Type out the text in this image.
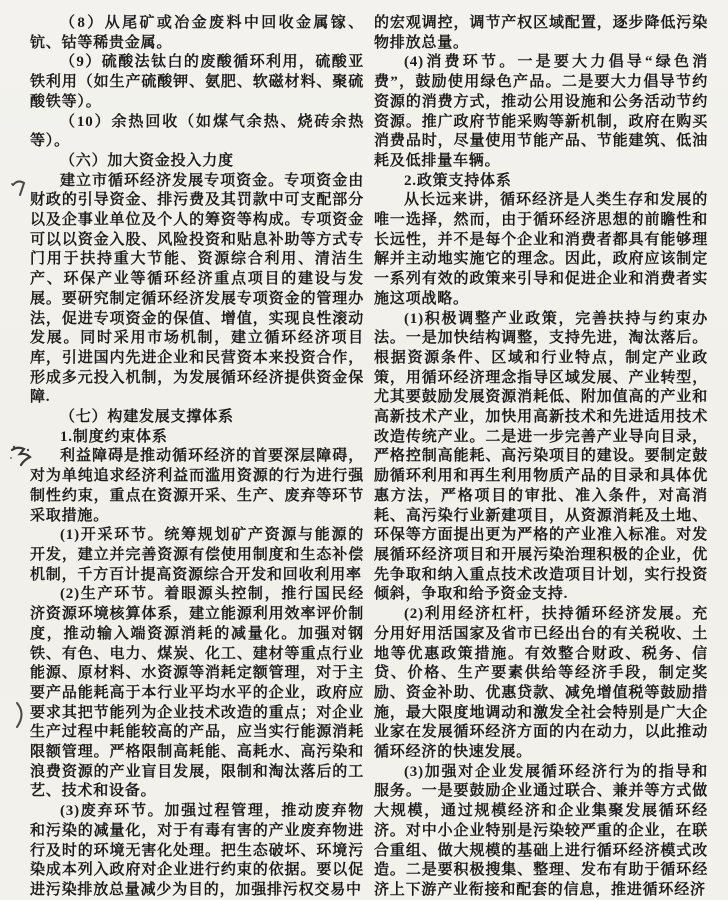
（8）从尾矿或冶金废料中回收金属镓、钪、钴等稀贵金属。

（9）硫酸法钛白的废酸循环利用，硫酸亚铁利用（如生产硫酸钾、氨肥、软磁材料、聚硫酸铁等）。

（10）余热回收（如煤气余热、烧砖余热等）。

（六）加大资金投入力度

建立市循环经济发展专项资金。专项资金由财政的引导资金、排污费及其罚款中可支配部分以及企事业单位及个人的筹资等构成。专项资金可以以资金入股、风险投资和贴息补助等方式专门用于扶持重大节能、资源综合利用、清洁生产、环保产业等循环经济重点项目的建设与发展。要研究制定循环经济发展专项资金的管理办法，促进专项资金的保值、增值，实现良性滚动发展。同时采用市场机制，建立循环经济项目库，引进国内先进企业和民营资本来投资合作，形成多元投入机制，为发展循环经济提供资金保障.

（七）构建发展支撑体系

1.制度约束体系

利益障碍是推动循环经济的首要深层障碍，对为单纯追求经济利益而滥用资源的行为进行强制性约束，重点在资源开采、生产、废弃等环节采取措施。

(1)开采环节。统筹规划矿产资源与能源的开发，建立并完善资源有偿使用制度和生态补偿机制，千方百计提高资源综合开发和回收利用率

(2)生产环节。着眼源头控制，推行国民经济资源环境核算体系，建立能源利用效率评价制度，推动输入端资源消耗的减量化。加强对钢铁、有色、电力、煤炭、化工、建材等重点行业能源、原材料、水资源等消耗定额管理，对于主要产品能耗高于本行业平均水平的企业，政府应要求其把节能列为企业技术改造的重点；对企业生产过程中耗能较高的产品，应当实行能源消耗限额管理。严格限制高耗能、高耗水、高污染和浪费资源的产业盲目发展，限制和淘汰落后的工艺、技术和设备。

(3)废弃环节。加强过程管理，推动废弃物和污染的减量化，对于有毒有害的产业废弃物进行及时的环境无害化处理。把生态破坏、环境污染成本列入政府对企业进行约束的依据。要以促进污染排放总量减少为目的，加强排污权交易中

的宏观调控，调节产权区域配置，逐步降低污染物排放总量。

(4)消费环节。一是要大力倡导“绿色消费”，鼓励使用绿色产品。二是要大力倡导节约资源的消费方式，推动公用设施和公务活动节约资源。推广政府节能采购等新机制，政府在购买消费品时，尽量使用节能产品、节能建筑、低油耗及低排量车辆。

2.政策支持体系

从长远来讲，循环经济是人类生存和发展的唯一选择，然而，由于循环经济思想的前瞻性和长远性，并不是每个企业和消费者都具有能够理解并主动地实施它的理念。因此，政府应该制定一系列有效的政策来引导和促进企业和消费者实施这项战略。

(1)积极调整产业政策，完善扶持与约束办法。一是加快结构调整，支持先进，淘汰落后。根据资源条件、区域和行业特点，制定产业政策，用循环经济理念指导区域发展、产业转型，尤其要鼓励发展资源消耗低、附加值高的产业和高新技术产业，加快用高新技术和先进适用技术改造传统产业。二是进一步完善产业导向目录，严格控制高能耗、高污染项目的建设。要制定鼓励循环利用和再生利用物质产品的目录和具体优惠方法，严格项目的审批、准入条件，对高消耗、高污染行业新建项目，从资源消耗及土地、环保等方面提出更为严格的产业准入标准。对发展循环经济项目和开展污染治理积极的企业，优先争取和纳入重点技术改造项目计划，实行投资倾斜，争取和给予资金支持.

(2)利用经济杠杆，扶持循环经济发展。充分用好用活国家及省市已经出台的有关税收、土地等优惠政策措施。有效整合财政、税务、信贷、价格、生产要素供给等经济手段，制定奖励、资金补助、优惠贷款、减免增值税等鼓励措施，最大限度地调动和激发全社会特别是广大企业家在发展循环经济方面的内在动力，以此推动循环经济的快速发展。

(3)加强对企业发展循环经济行为的指导和服务。一是要鼓励企业通过联合、兼并等方式做大规模，通过规模经济和企业集聚发展循环经济。对中小企业特别是污染较严重的企业，在联合重组、做大规模的基础上进行循环经济模式改造。二是要积极搜集、整理、发布有助于循环经济上下游产业衔接和配套的信息，推进循环经济
